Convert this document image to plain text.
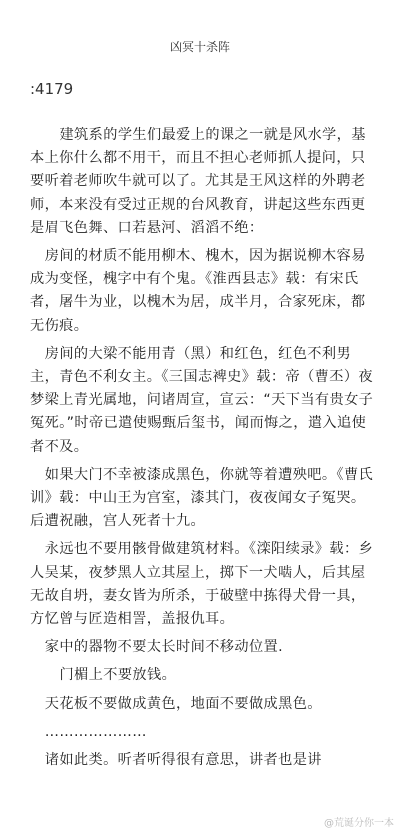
凶冥十杀阵
:4179

建筑系的学生们最爱上的课之一就是风水学，基本上你什么都不用干，而且不担心老师抓人提问，只要听着老师吹牛就可以了。尤其是王风这样的外聘老师，本来没有受过正规的台风教育，讲起这些东西更是眉飞色舞、口若悬河、滔滔不绝：

房间的材质不能用柳木、槐木，因为据说柳木容易成为变怪，槐字中有个鬼。《淮西县志》载：有宋氏者，屠牛为业，以槐木为居，成半月，合家死床，都无伤痕。

房间的大梁不能用青（黑）和红色，红色不利男主，青色不利女主。《三国志裨史》载：帝（曹丕）夜梦梁上青光属地，问诸周宣，宣云：“天下当有贵女子冤死。”时帝已遣使赐甄后玺书，闻而悔之，遣入追使者不及。

如果大门不幸被漆成黑色，你就等着遭殃吧。《曹氏训》载：中山王为宫室，漆其门，夜夜闻女子冤哭。后遭祝融，宫人死者十九。

永远也不要用骸骨做建筑材料。《滦阳续录》载：乡人吴某，夜梦黑人立其屋上，掷下一犬啮人，后其屋无故自坍，妻女皆为所杀，于破壁中拣得犬骨一具，方忆曾与匠造相詈，盖报仇耳。

家中的器物不要太长时间不移动位置.

门楣上不要放钱。

天花板不要做成黄色，地面不要做成黑色。

…………………

诸如此类。听者听得很有意思，讲者也是讲

@荒诞分你一本
